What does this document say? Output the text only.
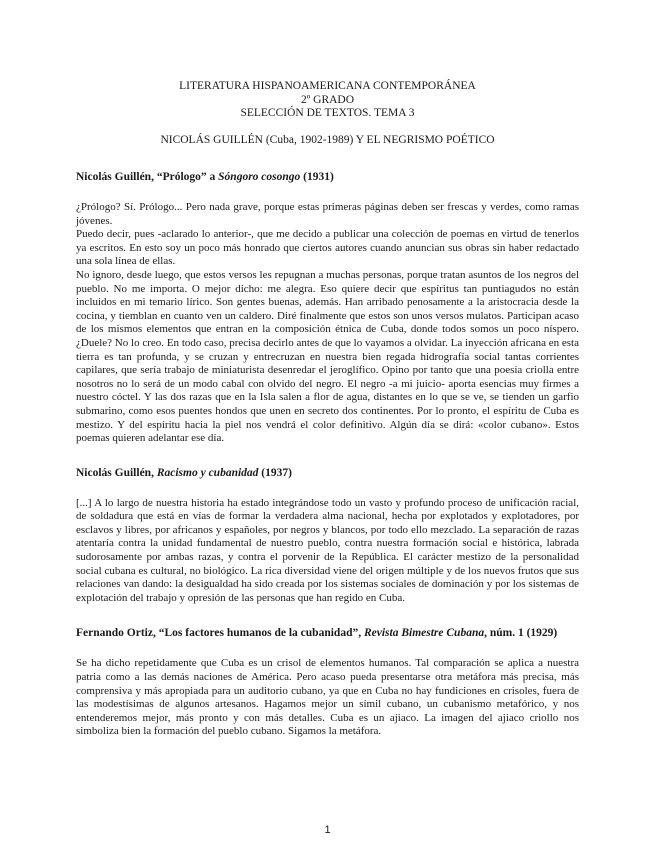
LITERATURA HISPANOAMERICANA CONTEMPORÁNEA
2º GRADO
SELECCIÓN DE TEXTOS. TEMA 3
NICOLÁS GUILLÉN (Cuba, 1902-1989) Y EL NEGRISMO POÉTICO
Nicolás Guillén, “Prólogo” a Sóngoro cosongo (1931)

¿Prólogo? Sí. Prólogo... Pero nada grave, porque estas primeras páginas deben ser frescas y verdes, como ramas jóvenes.

Puedo decir, pues -aclarado lo anterior-, que me decido a publicar una colección de poemas en virtud de tenerlos ya escritos. En esto soy un poco más honrado que ciertos autores cuando anuncian sus obras sin haber redactado una sola línea de ellas.

No ignoro, desde luego, que estos versos les repugnan a muchas personas, porque tratan asuntos de los negros del pueblo. No me importa. O mejor dicho: me alegra. Eso quiere decir que espíritus tan puntiagudos no están incluidos en mi temario lírico. Son gentes buenas, además. Han arribado penosamente a la aristocracia desde la cocina, y tiemblan en cuanto ven un caldero. Diré finalmente que estos son unos versos mulatos. Participan acaso de los mismos elementos que entran en la composición étnica de Cuba, donde todos somos un poco níspero. ¿Duele? No lo creo. En todo caso, precisa decirlo antes de que lo vayamos a olvidar. La inyección africana en esta tierra es tan profunda, y se cruzan y entrecruzan en nuestra bien regada hidrografía social tantas corrientes capilares, que sería trabajo de miniaturista desenredar el jeroglífico. Opino por tanto que una poesía criolla entre nosotros no lo será de un modo cabal con olvido del negro. El negro -a mi juicio- aporta esencias muy firmes a nuestro cóctel. Y las dos razas que en la Isla salen a flor de agua, distantes en lo que se ve, se tienden un garfio submarino, como esos puentes hondos que unen en secreto dos continentes. Por lo pronto, el espíritu de Cuba es mestizo. Y del espíritu hacia la piel nos vendrá el color definitivo. Algún día se dirá: «color cubano». Estos poemas quieren adelantar ese día.

Nicolás Guillén, Racismo y cubanidad (1937)

[...] A lo largo de nuestra historia ha estado integrándose todo un vasto y profundo proceso de unificación racial, de soldadura que está en vías de formar la verdadera alma nacional, hecha por explotados y explotadores, por esclavos y libres, por africanos y españoles, por negros y blancos, por todo ello mezclado. La separación de razas atentaría contra la unidad fundamental de nuestro pueblo, contra nuestra formación social e histórica, labrada sudorosamente por ambas razas, y contra el porvenir de la República. El carácter mestizo de la personalidad social cubana es cultural, no biológico. La rica diversidad viene del origen múltiple y de los nuevos frutos que sus relaciones van dando: la desigualdad ha sido creada por los sistemas sociales de dominación y por los sistemas de explotación del trabajo y opresión de las personas que han regido en Cuba.

Fernando Ortiz, “Los factores humanos de la cubanidad”, Revista Bimestre Cubana, núm. 1 (1929)

Se ha dicho repetidamente que Cuba es un crisol de elementos humanos. Tal comparación se aplica a nuestra patria como a las demás naciones de América. Pero acaso pueda presentarse otra metáfora más precisa, más comprensiva y más apropiada para un auditorio cubano, ya que en Cuba no hay fundiciones en crisoles, fuera de las modestísimas de algunos artesanos. Hagamos mejor un símil cubano, un cubanismo metafórico, y nos entenderemos mejor, más pronto y con más detalles. Cuba es un ajiaco. La imagen del ajiaco criollo nos simboliza bien la formación del pueblo cubano. Sigamos la metáfora.

1
